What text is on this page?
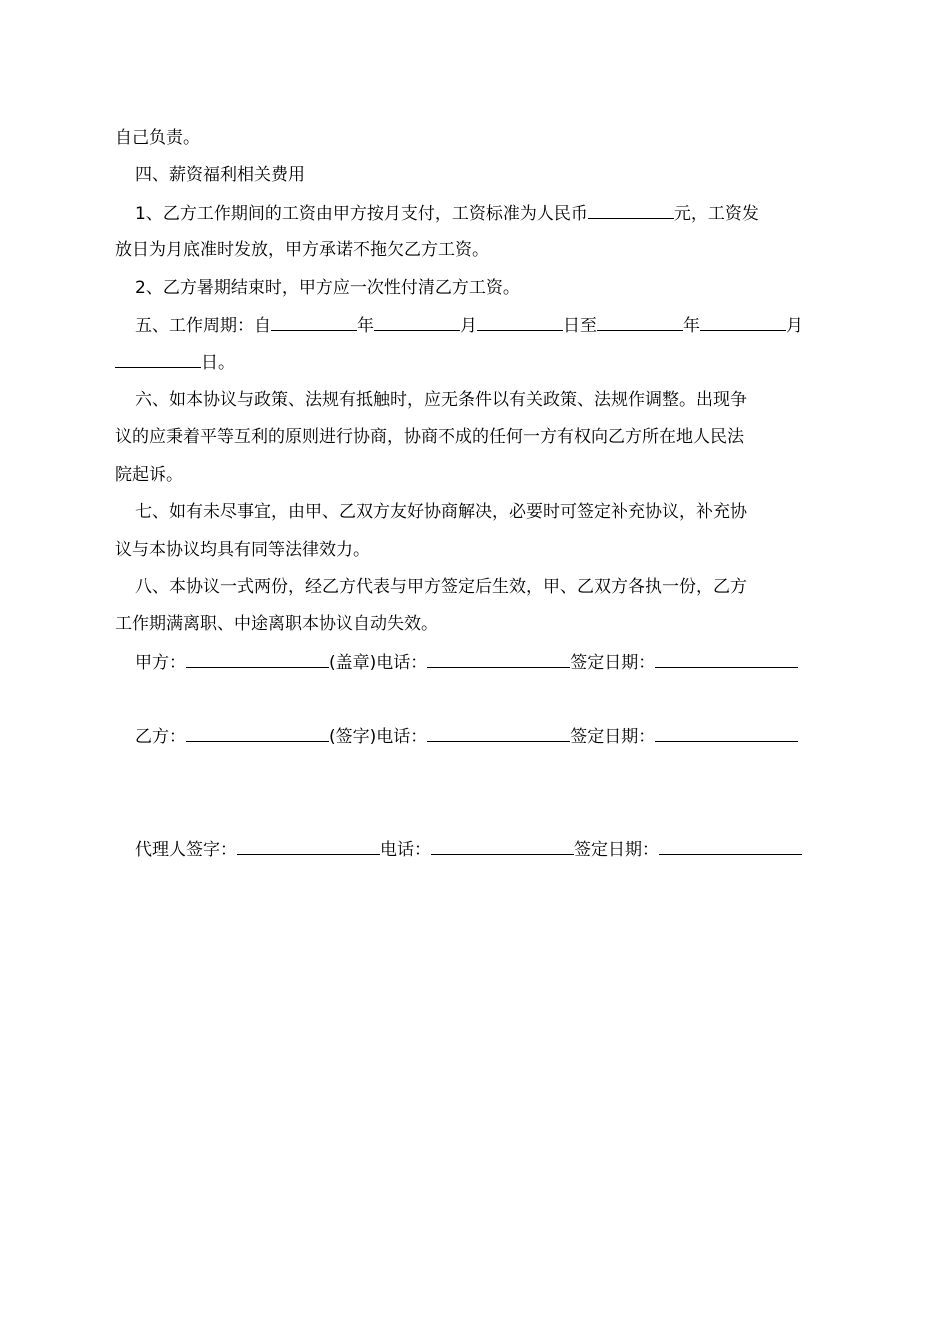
自己负责。
四、薪资福利相关费用
1、乙方工作期间的工资由甲方按月支付，工资标准为人民币	元，工资发
放日为月底准时发放，甲方承诺不拖欠乙方工资。
2、乙方暑期结束时，甲方应一次性付清乙方工资。
五、工作周期：自	年	月	日至	年	月
日。
六、如本协议与政策、法规有抵触时，应无条件以有关政策、法规作调整。出现争
议的应秉着平等互利的原则进行协商，协商不成的任何一方有权向乙方所在地人民法
院起诉。
七、如有未尽事宜，由甲、乙双方友好协商解决，必要时可签定补充协议，补充协
议与本协议均具有同等法律效力。
八、本协议一式两份，经乙方代表与甲方签定后生效，甲、乙双方各执一份，乙方
工作期满离职、中途离职本协议自动失效。
甲方：	(盖章)电话：	签定日期：
乙方：	(签字)电话：	签定日期：
代理人签字：	电话：	签定日期：
